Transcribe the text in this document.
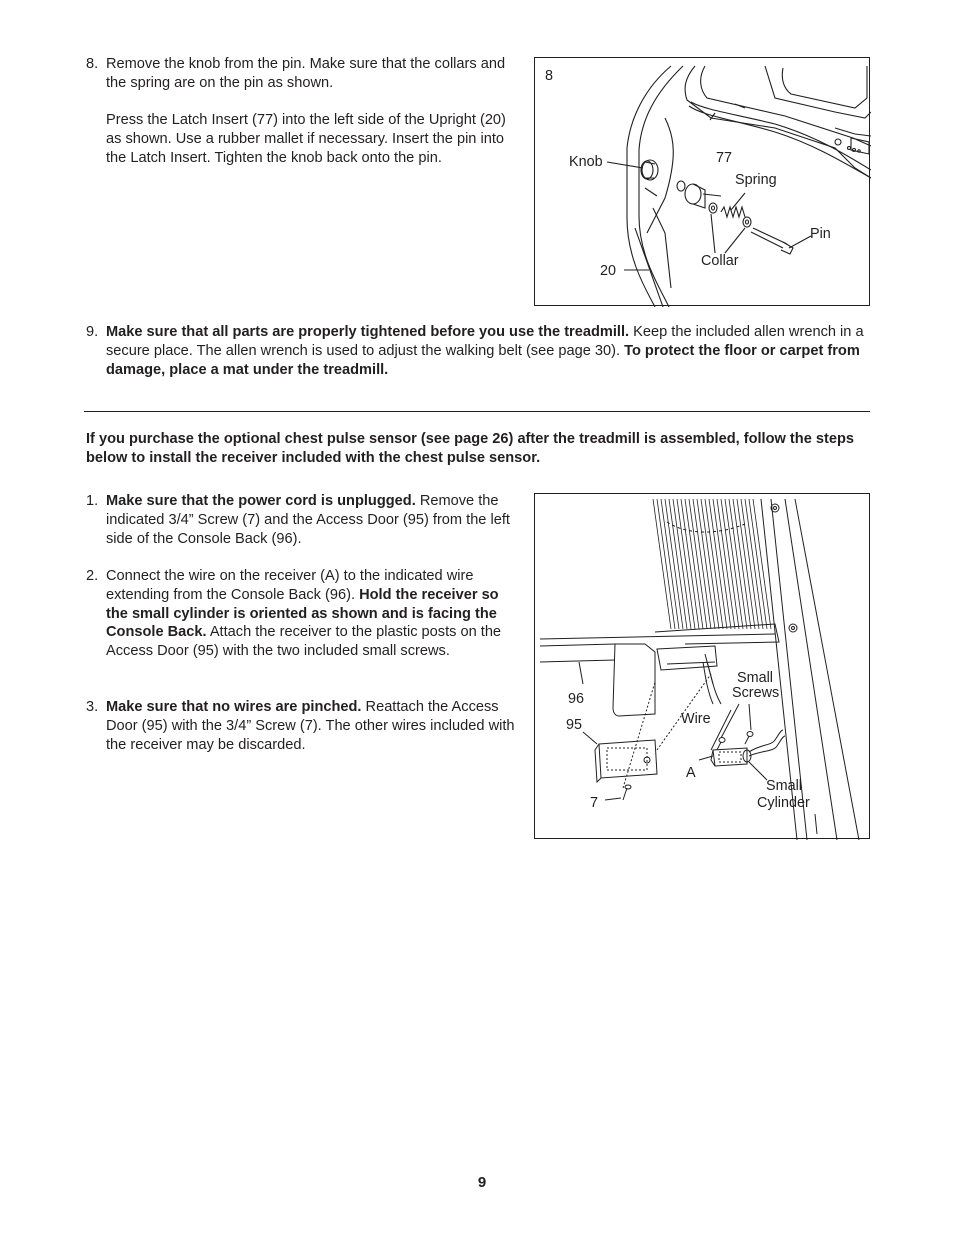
8. Remove the knob from the pin. Make sure that the collars and the spring are on the pin as shown.

Press the Latch Insert (77) into the left side of the Upright (20) as shown. Use a rubber mallet if necessary. Insert the pin into the Latch Insert. Tighten the knob back onto the pin.

8
Knob	77
Spring
Pin
20
Collar
9. Make sure that all parts are properly tightened before you use the treadmill. Keep the included allen wrench in a secure place. The allen wrench is used to adjust the walking belt (see page 30). To protect the floor or carpet from damage, place a mat under the treadmill.

If you purchase the optional chest pulse sensor (see page 26) after the treadmill is assembled, follow the steps below to install the receiver included with the chest pulse sensor.

1. Make sure that the power cord is unplugged. Remove the indicated 3/4” Screw (7) and the Access Door (95) from the left side of the Console Back (96).

2. Connect the wire on the receiver (A) to the indicated wire extending from the Console Back (96). Hold the receiver so the small cylinder is oriented as shown and is facing the Console Back. Attach the receiver to the plastic posts on the Access Door (95) with the two included small screws.

3. Make sure that no wires are pinched. Reattach the Access Door (95) with the 3/4” Screw (7). The other wires included with the receiver may be discarded.

96
95
7
Wire
A
Small
Screws
Small
Cylinder
9
